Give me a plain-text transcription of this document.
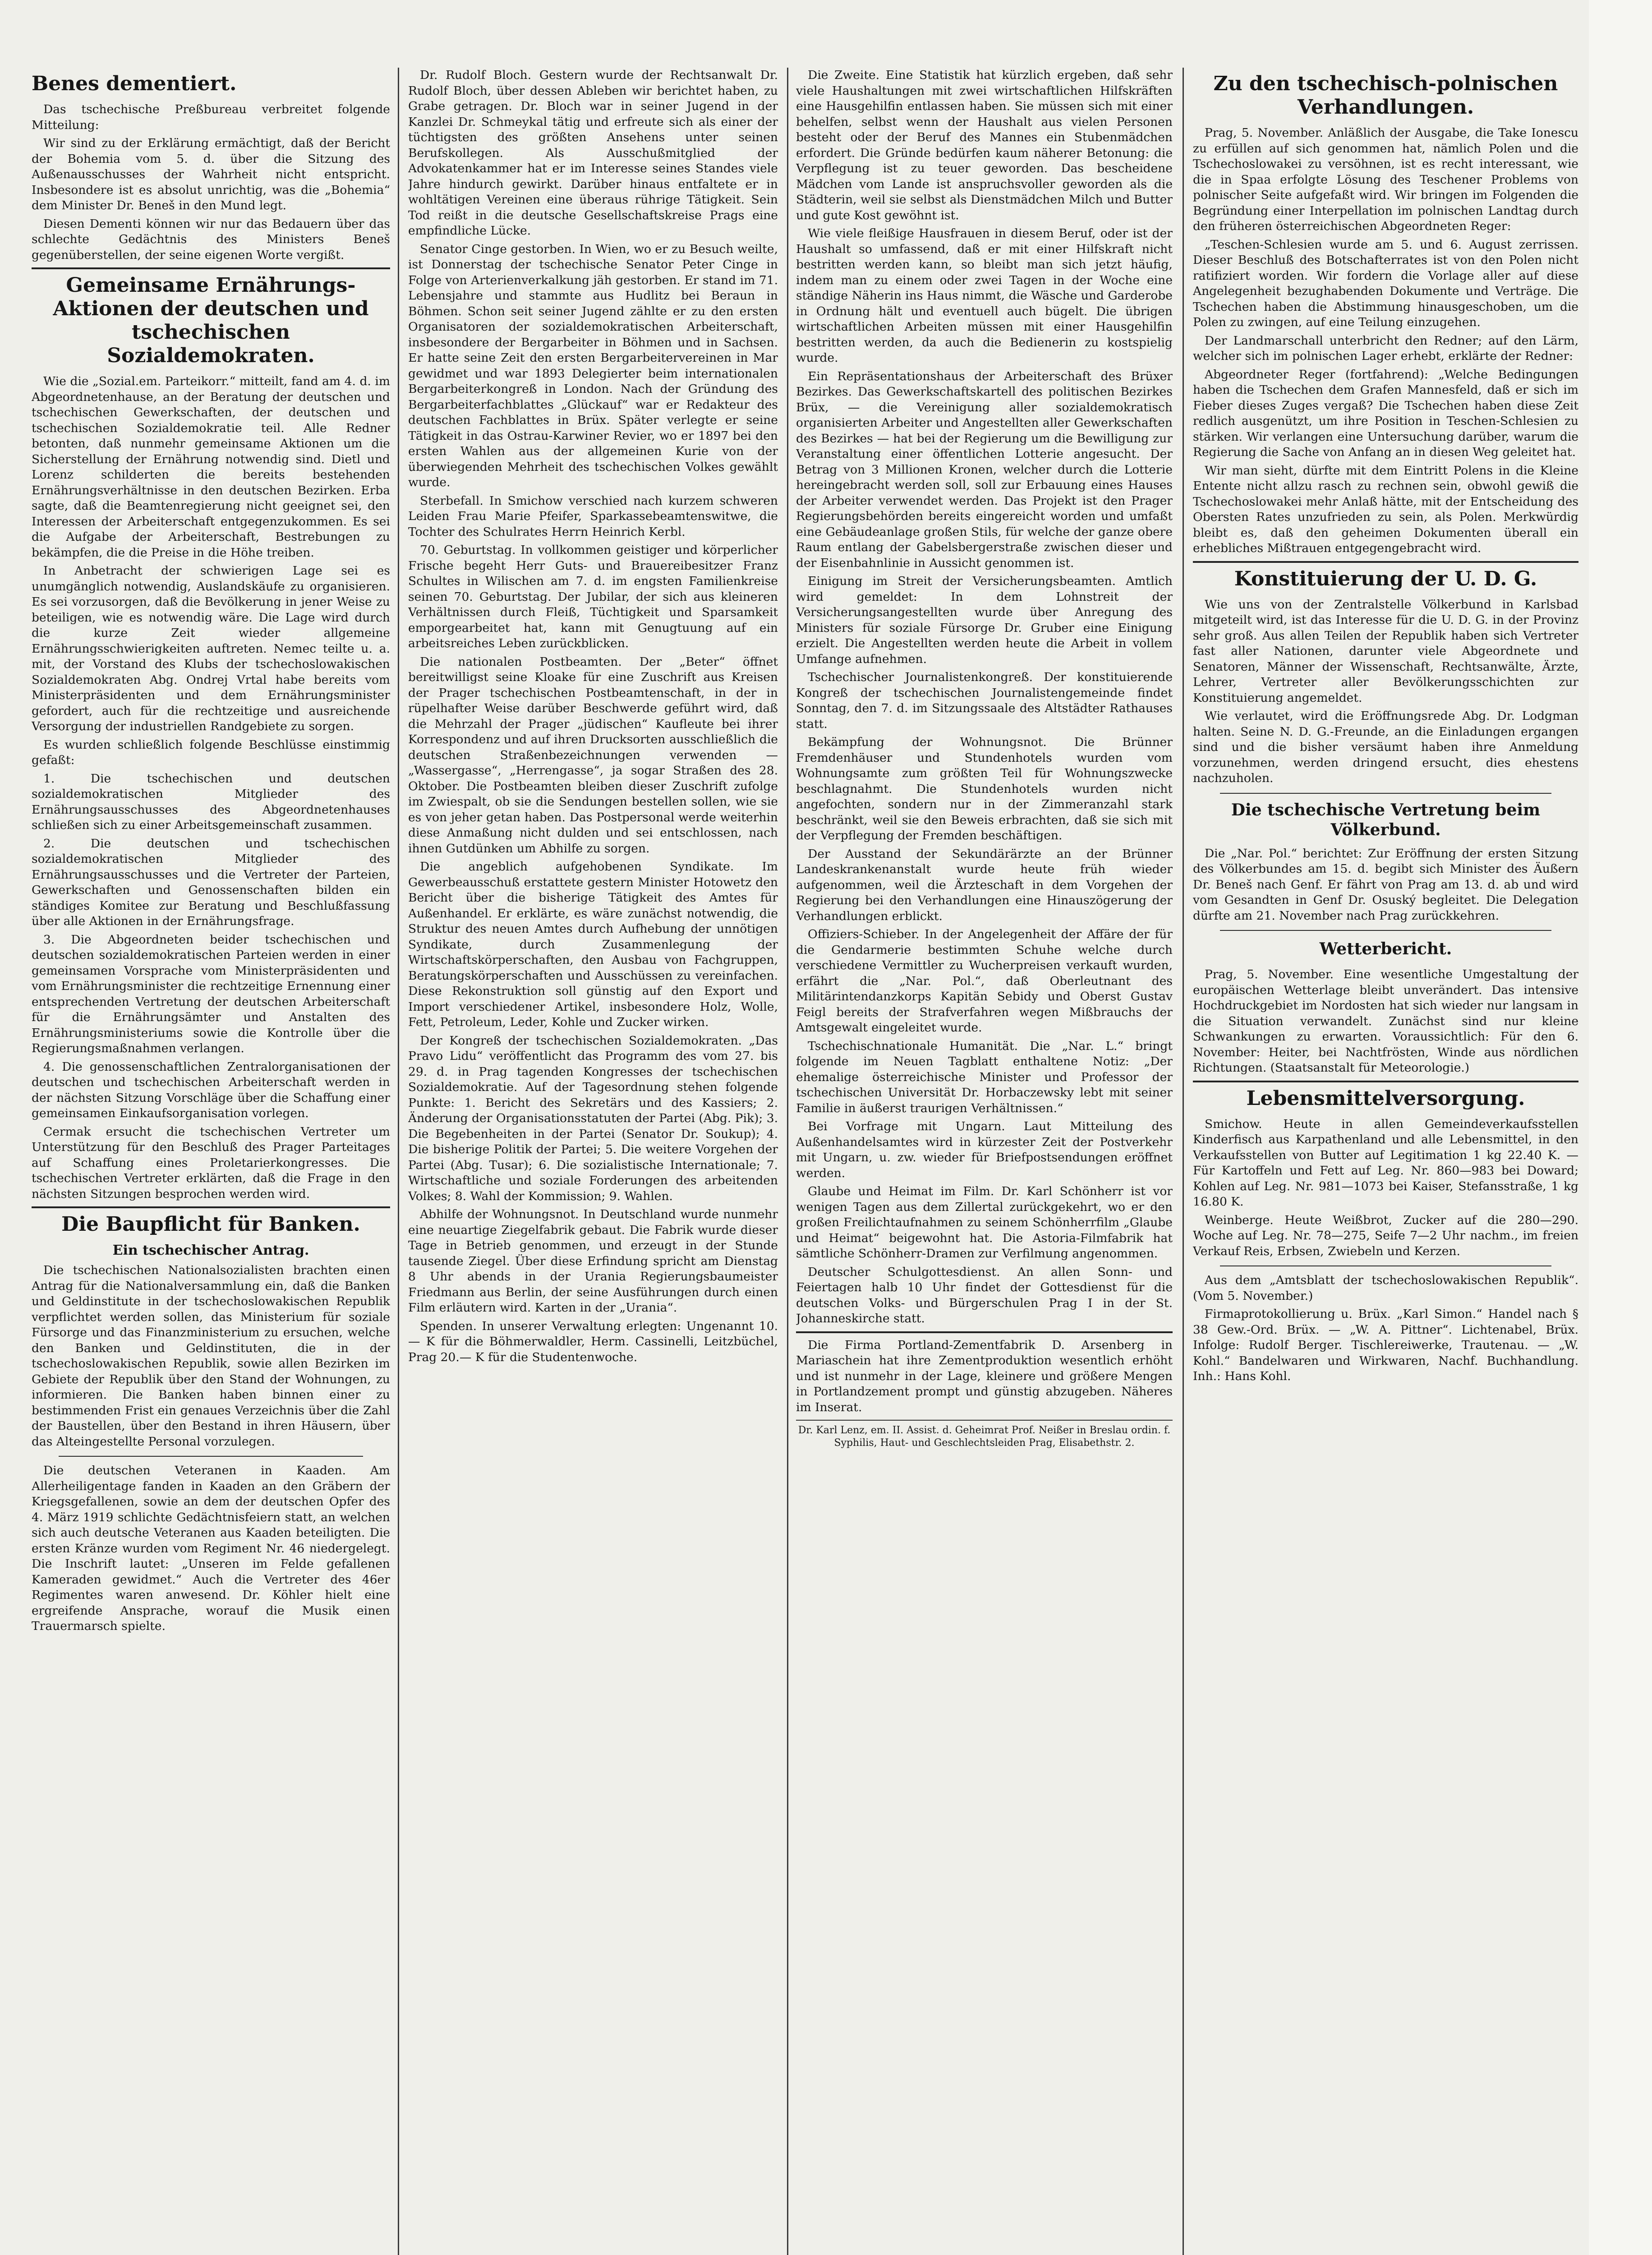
Benes dementiert.

Das tschechische Preßbureau verbreitet folgende Mitteilung:

Wir sind zu der Erklärung ermächtigt, daß der Bericht der Bohemia vom 5. d. über die Sitzung des Außenausschusses der Wahrheit nicht entspricht. Insbesondere ist es absolut unrichtig, was die „Bohemia“ dem Minister Dr. Beneš in den Mund legt.

Diesen Dementi können wir nur das Bedauern über das schlechte Gedächtnis des Ministers Beneš gegenüberstellen, der seine eigenen Worte vergißt.

Gemeinsame Ernährungs-Aktionen der deutschen und tschechischen Sozialdemokraten.

Wie die „Sozial.em. Parteikorr.“ mitteilt, fand am 4. d. im Abgeordnetenhause, an der Beratung der deutschen und tschechischen Gewerkschaften, der deutschen und tschechischen Sozialdemokratie teil. Alle Redner betonten, daß nunmehr gemeinsame Aktionen um die Sicherstellung der Ernährung notwendig sind. Dietl und Lorenz schilderten die bereits bestehenden Ernährungsverhältnisse in den deutschen Bezirken. Erba sagte, daß die Beamtenregierung nicht geeignet sei, den Interessen der Arbeiterschaft entgegenzukommen. Es sei die Aufgabe der Arbeiterschaft, Bestrebungen zu bekämpfen, die die Preise in die Höhe treiben.

In Anbetracht der schwierigen Lage sei es unumgänglich notwendig, Auslandskäufe zu organisieren. Es sei vorzusorgen, daß die Bevölkerung in jener Weise zu beteiligen, wie es notwendig wäre. Die Lage wird durch die kurze Zeit wieder allgemeine Ernährungsschwierigkeiten auftreten. Nemec teilte u. a. mit, der Vorstand des Klubs der tschechoslowakischen Sozialdemokraten Abg. Ondrej Vrtal habe bereits vom Ministerpräsidenten und dem Ernährungsminister gefordert, auch für die rechtzeitige und ausreichende Versorgung der industriellen Randgebiete zu sorgen.

Es wurden schließlich folgende Beschlüsse einstimmig gefaßt:

1. Die tschechischen und deutschen sozialdemokratischen Mitglieder des Ernährungsausschusses des Abgeordnetenhauses schließen sich zu einer Arbeitsgemeinschaft zusammen.

2. Die deutschen und tschechischen sozialdemokratischen Mitglieder des Ernährungsausschusses und die Vertreter der Parteien, Gewerkschaften und Genossenschaften bilden ein ständiges Komitee zur Beratung und Beschlußfassung über alle Aktionen in der Ernährungsfrage.

3. Die Abgeordneten beider tschechischen und deutschen sozialdemokratischen Parteien werden in einer gemeinsamen Vorsprache vom Ministerpräsidenten und vom Ernährungsminister die rechtzeitige Ernennung einer entsprechenden Vertretung der deutschen Arbeiterschaft für die Ernährungsämter und Anstalten des Ernährungsministeriums sowie die Kontrolle über die Regierungsmaßnahmen verlangen.

4. Die genossenschaftlichen Zentralorganisationen der deutschen und tschechischen Arbeiterschaft werden in der nächsten Sitzung Vorschläge über die Schaffung einer gemeinsamen Einkaufsorganisation vorlegen.

Cermak ersucht die tschechischen Vertreter um Unterstützung für den Beschluß des Prager Parteitages auf Schaffung eines Proletarierkongresses. Die tschechischen Vertreter erklärten, daß die Frage in den nächsten Sitzungen besprochen werden wird.

Die Baupflicht für Banken.
Ein tschechischer Antrag.

Die tschechischen Nationalsozialisten brachten einen Antrag für die Nationalversammlung ein, daß die Banken und Geldinstitute in der tschechoslowakischen Republik verpflichtet werden sollen, das Ministerium für soziale Fürsorge und das Finanzministerium zu ersuchen, welche den Banken und Geldinstituten, die in der tschechoslowakischen Republik, sowie allen Bezirken im Gebiete der Republik über den Stand der Wohnungen, zu informieren. Die Banken haben binnen einer zu bestimmenden Frist ein genaues Verzeichnis über die Zahl der Baustellen, über den Bestand in ihren Häusern, über das Alteingestellte Personal vorzulegen.

Die deutschen Veteranen in Kaaden. Am Allerheiligentage fanden in Kaaden an den Gräbern der Kriegsgefallenen, sowie an dem der deutschen Opfer des 4. März 1919 schlichte Gedächtnisfeiern statt, an welchen sich auch deutsche Veteranen aus Kaaden beteiligten. Die ersten Kränze wurden vom Regiment Nr. 46 niedergelegt. Die Inschrift lautet: „Unseren im Felde gefallenen Kameraden gewidmet.“ Auch die Vertreter des 46er Regimentes waren anwesend. Dr. Köhler hielt eine ergreifende Ansprache, worauf die Musik einen Trauermarsch spielte.

Dr. Rudolf Bloch. Gestern wurde der Rechtsanwalt Dr. Rudolf Bloch, über dessen Ableben wir berichtet haben, zu Grabe getragen. Dr. Bloch war in seiner Jugend in der Kanzlei Dr. Schmeykal tätig und erfreute sich als einer der tüchtigsten des größten Ansehens unter seinen Berufskollegen. Als Ausschußmitglied der Advokatenkammer hat er im Interesse seines Standes viele Jahre hindurch gewirkt. Darüber hinaus entfaltete er in wohltätigen Vereinen eine überaus rührige Tätigkeit. Sein Tod reißt in die deutsche Gesellschaftskreise Prags eine empfindliche Lücke.

Senator Cinge gestorben. In Wien, wo er zu Besuch weilte, ist Donnerstag der tschechische Senator Peter Cinge in Folge von Arterienverkalkung jäh gestorben. Er stand im 71. Lebensjahre und stammte aus Hudlitz bei Beraun in Böhmen. Schon seit seiner Jugend zählte er zu den ersten Organisatoren der sozialdemokratischen Arbeiterschaft, insbesondere der Bergarbeiter in Böhmen und in Sachsen. Er hatte seine Zeit den ersten Bergarbeitervereinen in Mar gewidmet und war 1893 Delegierter beim internationalen Bergarbeiterkongreß in London. Nach der Gründung des Bergarbeiterfachblattes „Glückauf“ war er Redakteur des deutschen Fachblattes in Brüx. Später verlegte er seine Tätigkeit in das Ostrau-Karwiner Revier, wo er 1897 bei den ersten Wahlen aus der allgemeinen Kurie von der überwiegenden Mehrheit des tschechischen Volkes gewählt wurde.

Sterbefall. In Smichow verschied nach kurzem schweren Leiden Frau Marie Pfeifer, Sparkassebeamtenswitwe, die Tochter des Schulrates Herrn Heinrich Kerbl.

70. Geburtstag. In vollkommen geistiger und körperlicher Frische begeht Herr Guts- und Brauereibesitzer Franz Schultes in Wilischen am 7. d. im engsten Familienkreise seinen 70. Geburtstag. Der Jubilar, der sich aus kleineren Verhältnissen durch Fleiß, Tüchtigkeit und Sparsamkeit emporgearbeitet hat, kann mit Genugtuung auf ein arbeitsreiches Leben zurückblicken.

Die nationalen Postbeamten. Der „Beter“ öffnet bereitwilligst seine Kloake für eine Zuschrift aus Kreisen der Prager tschechischen Postbeamtenschaft, in der in rüpelhafter Weise darüber Beschwerde geführt wird, daß die Mehrzahl der Prager „jüdischen“ Kaufleute bei ihrer Korrespondenz und auf ihren Drucksorten ausschließlich die deutschen Straßenbezeichnungen verwenden — „Wassergasse“, „Herrengasse“, ja sogar Straßen des 28. Oktober. Die Postbeamten bleiben dieser Zuschrift zufolge im Zwiespalt, ob sie die Sendungen bestellen sollen, wie sie es von jeher getan haben. Das Postpersonal werde weiterhin diese Anmaßung nicht dulden und sei entschlossen, nach ihnen Gutdünken um Abhilfe zu sorgen.

Die angeblich aufgehobenen Syndikate. Im Gewerbeausschuß erstattete gestern Minister Hotowetz den Bericht über die bisherige Tätigkeit des Amtes für Außenhandel. Er erklärte, es wäre zunächst notwendig, die Struktur des neuen Amtes durch Aufhebung der unnötigen Syndikate, durch Zusammenlegung der Wirtschaftskörperschaften, den Ausbau von Fachgruppen, Beratungskörperschaften und Ausschüssen zu vereinfachen. Diese Rekonstruktion soll günstig auf den Export und Import verschiedener Artikel, insbesondere Holz, Wolle, Fett, Petroleum, Leder, Kohle und Zucker wirken.

Der Kongreß der tschechischen Sozialdemokraten. „Das Pravo Lidu“ veröffentlicht das Programm des vom 27. bis 29. d. in Prag tagenden Kongresses der tschechischen Sozialdemokratie. Auf der Tagesordnung stehen folgende Punkte: 1. Bericht des Sekretärs und des Kassiers; 2. Änderung der Organisationsstatuten der Partei (Abg. Pik); 3. Die Begebenheiten in der Partei (Senator Dr. Soukup); 4. Die bisherige Politik der Partei; 5. Die weitere Vorgehen der Partei (Abg. Tusar); 6. Die sozialistische Internationale; 7. Wirtschaftliche und soziale Forderungen des arbeitenden Volkes; 8. Wahl der Kommission; 9. Wahlen.

Abhilfe der Wohnungsnot. In Deutschland wurde nunmehr eine neuartige Ziegelfabrik gebaut. Die Fabrik wurde dieser Tage in Betrieb genommen, und erzeugt in der Stunde tausende Ziegel. Über diese Erfindung spricht am Dienstag 8 Uhr abends in der Urania Regierungsbaumeister Friedmann aus Berlin, der seine Ausführungen durch einen Film erläutern wird. Karten in der „Urania“.

Spenden. In unserer Verwaltung erlegten: Ungenannt 10.— K für die Böhmerwaldler, Herm. Cassinelli, Leitzbüchel, Prag 20.— K für die Studentenwoche.

Die Zweite. Eine Statistik hat kürzlich ergeben, daß sehr viele Haushaltungen mit zwei wirtschaftlichen Hilfskräften eine Hausgehilfin entlassen haben. Sie müssen sich mit einer behelfen, selbst wenn der Haushalt aus vielen Personen besteht oder der Beruf des Mannes ein Stubenmädchen erfordert. Die Gründe bedürfen kaum näherer Betonung: die Verpflegung ist zu teuer geworden. Das bescheidene Mädchen vom Lande ist anspruchsvoller geworden als die Städterin, weil sie selbst als Dienstmädchen Milch und Butter und gute Kost gewöhnt ist.

Wie viele fleißige Hausfrauen in diesem Beruf, oder ist der Haushalt so umfassend, daß er mit einer Hilfskraft nicht bestritten werden kann, so bleibt man sich jetzt häufig, indem man zu einem oder zwei Tagen in der Woche eine ständige Näherin ins Haus nimmt, die Wäsche und Garderobe in Ordnung hält und eventuell auch bügelt. Die übrigen wirtschaftlichen Arbeiten müssen mit einer Hausgehilfin bestritten werden, da auch die Bedienerin zu kostspielig wurde.

Ein Repräsentationshaus der Arbeiterschaft des Brüxer Bezirkes. Das Gewerkschaftskartell des politischen Bezirkes Brüx, — die Vereinigung aller sozialdemokratisch organisierten Arbeiter und Angestellten aller Gewerkschaften des Bezirkes — hat bei der Regierung um die Bewilligung zur Veranstaltung einer öffentlichen Lotterie angesucht. Der Betrag von 3 Millionen Kronen, welcher durch die Lotterie hereingebracht werden soll, soll zur Erbauung eines Hauses der Arbeiter verwendet werden. Das Projekt ist den Prager Regierungsbehörden bereits eingereicht worden und umfaßt eine Gebäudeanlage großen Stils, für welche der ganze obere Raum entlang der Gabelsbergerstraße zwischen dieser und der Eisenbahnlinie in Aussicht genommen ist.

Einigung im Streit der Versicherungsbeamten. Amtlich wird gemeldet: In dem Lohnstreit der Versicherungsangestellten wurde über Anregung des Ministers für soziale Fürsorge Dr. Gruber eine Einigung erzielt. Die Angestellten werden heute die Arbeit in vollem Umfange aufnehmen.

Tschechischer Journalistenkongreß. Der konstituierende Kongreß der tschechischen Journalistengemeinde findet Sonntag, den 7. d. im Sitzungssaale des Altstädter Rathauses statt.

Bekämpfung der Wohnungsnot. Die Brünner Fremdenhäuser und Stundenhotels wurden vom Wohnungsamte zum größten Teil für Wohnungszwecke beschlagnahmt. Die Stundenhotels wurden nicht angefochten, sondern nur in der Zimmeranzahl stark beschränkt, weil sie den Beweis erbrachten, daß sie sich mit der Verpflegung der Fremden beschäftigen.

Der Ausstand der Sekundärärzte an der Brünner Landeskrankenanstalt wurde heute früh wieder aufgenommen, weil die Ärzteschaft in dem Vorgehen der Regierung bei den Verhandlungen eine Hinauszögerung der Verhandlungen erblickt.

Offiziers-Schieber. In der Angelegenheit der Affäre der für die Gendarmerie bestimmten Schuhe welche durch verschiedene Vermittler zu Wucherpreisen verkauft wurden, erfährt die „Nar. Pol.“, daß Oberleutnant des Militärintendanzkorps Kapitän Sebidy und Oberst Gustav Feigl bereits der Strafverfahren wegen Mißbrauchs der Amtsgewalt eingeleitet wurde.

Tschechischnationale Humanität. Die „Nar. L.“ bringt folgende im Neuen Tagblatt enthaltene Notiz: „Der ehemalige österreichische Minister und Professor der tschechischen Universität Dr. Horbaczewsky lebt mit seiner Familie in äußerst traurigen Verhältnissen.“

Bei Vorfrage mit Ungarn. Laut Mitteilung des Außenhandelsamtes wird in kürzester Zeit der Postverkehr mit Ungarn, u. zw. wieder für Briefpostsendungen eröffnet werden.

Glaube und Heimat im Film. Dr. Karl Schönherr ist vor wenigen Tagen aus dem Zillertal zurückgekehrt, wo er den großen Freilichtaufnahmen zu seinem Schönherrfilm „Glaube und Heimat“ beigewohnt hat. Die Astoria-Filmfabrik hat sämtliche Schönherr-Dramen zur Verfilmung angenommen.

Deutscher Schulgottesdienst. An allen Sonn- und Feiertagen halb 10 Uhr findet der Gottesdienst für die deutschen Volks- und Bürgerschulen Prag I in der St. Johanneskirche statt.

Die Firma Portland-Zementfabrik D. Arsenberg in Mariaschein hat ihre Zementproduktion wesentlich erhöht und ist nunmehr in der Lage, kleinere und größere Mengen in Portlandzement prompt und günstig abzugeben. Näheres im Inserat.

Dr. Karl Lenz, em. II. Assist. d. Geheimrat Prof. Neißer in Breslau ordin. f. Syphilis, Haut- und Geschlechtsleiden Prag, Elisabethstr. 2.
Zu den tschechisch-polnischen Verhandlungen.

Prag, 5. November. Anläßlich der Ausgabe, die Take Ionescu zu erfüllen auf sich genommen hat, nämlich Polen und die Tschechoslowakei zu versöhnen, ist es recht interessant, wie die in Spaa erfolgte Lösung des Teschener Problems von polnischer Seite aufgefaßt wird. Wir bringen im Folgenden die Begründung einer Interpellation im polnischen Landtag durch den früheren österreichischen Abgeordneten Reger:

„Teschen-Schlesien wurde am 5. und 6. August zerrissen. Dieser Beschluß des Botschafterrates ist von den Polen nicht ratifiziert worden. Wir fordern die Vorlage aller auf diese Angelegenheit bezughabenden Dokumente und Verträge. Die Tschechen haben die Abstimmung hinausgeschoben, um die Polen zu zwingen, auf eine Teilung einzugehen.

Der Landmarschall unterbricht den Redner; auf den Lärm, welcher sich im polnischen Lager erhebt, erklärte der Redner:

Abgeordneter Reger (fortfahrend): „Welche Bedingungen haben die Tschechen dem Grafen Mannesfeld, daß er sich im Fieber dieses Zuges vergaß? Die Tschechen haben diese Zeit redlich ausgenützt, um ihre Position in Teschen-Schlesien zu stärken. Wir verlangen eine Untersuchung darüber, warum die Regierung die Sache von Anfang an in diesen Weg geleitet hat.

Wir man sieht, dürfte mit dem Eintritt Polens in die Kleine Entente nicht allzu rasch zu rechnen sein, obwohl gewiß die Tschechoslowakei mehr Anlaß hätte, mit der Entscheidung des Obersten Rates unzufrieden zu sein, als Polen. Merkwürdig bleibt es, daß den geheimen Dokumenten überall ein erhebliches Mißtrauen entgegengebracht wird.

Konstituierung der U. D. G.

Wie uns von der Zentralstelle Völkerbund in Karlsbad mitgeteilt wird, ist das Interesse für die U. D. G. in der Provinz sehr groß. Aus allen Teilen der Republik haben sich Vertreter fast aller Nationen, darunter viele Abgeordnete und Senatoren, Männer der Wissenschaft, Rechtsanwälte, Ärzte, Lehrer, Vertreter aller Bevölkerungsschichten zur Konstituierung angemeldet.

Wie verlautet, wird die Eröffnungsrede Abg. Dr. Lodgman halten. Seine N. D. G.-Freunde, an die Einladungen ergangen sind und die bisher versäumt haben ihre Anmeldung vorzunehmen, werden dringend ersucht, dies ehestens nachzuholen.

Die tschechische Vertretung beim Völkerbund.

Die „Nar. Pol.“ berichtet: Zur Eröffnung der ersten Sitzung des Völkerbundes am 15. d. begibt sich Minister des Äußern Dr. Beneš nach Genf. Er fährt von Prag am 13. d. ab und wird vom Gesandten in Genf Dr. Osuský begleitet. Die Delegation dürfte am 21. November nach Prag zurückkehren.

Wetterbericht.

Prag, 5. November. Eine wesentliche Umgestaltung der europäischen Wetterlage bleibt unverändert. Das intensive Hochdruckgebiet im Nordosten hat sich wieder nur langsam in die Situation verwandelt. Zunächst sind nur kleine Schwankungen zu erwarten. Voraussichtlich: Für den 6. November: Heiter, bei Nachtfrösten, Winde aus nördlichen Richtungen. (Staatsanstalt für Meteorologie.)

Lebensmittelversorgung.

Smichow. Heute in allen Gemeindeverkaufsstellen Kinderfisch aus Karpathenland und alle Lebensmittel, in den Verkaufsstellen von Butter auf Legitimation 1 kg 22.40 K. — Für Kartoffeln und Fett auf Leg. Nr. 860—983 bei Doward; Kohlen auf Leg. Nr. 981—1073 bei Kaiser, Stefansstraße, 1 kg 16.80 K.

Weinberge. Heute Weißbrot, Zucker auf die 280—290. Woche auf Leg. Nr. 78—275, Seife 7—2 Uhr nachm., im freien Verkauf Reis, Erbsen, Zwiebeln und Kerzen.

Aus dem „Amtsblatt der tschechoslowakischen Republik“. (Vom 5. November.)

Firmaprotokollierung u. Brüx. „Karl Simon.“ Handel nach § 38 Gew.-Ord. Brüx. — „W. A. Pittner“. Lichtenabel, Brüx. Infolge: Rudolf Berger. Tischlereiwerke, Trautenau. — „W. Kohl.“ Bandelwaren und Wirkwaren, Nachf. Buchhandlung. Inh.: Hans Kohl.
